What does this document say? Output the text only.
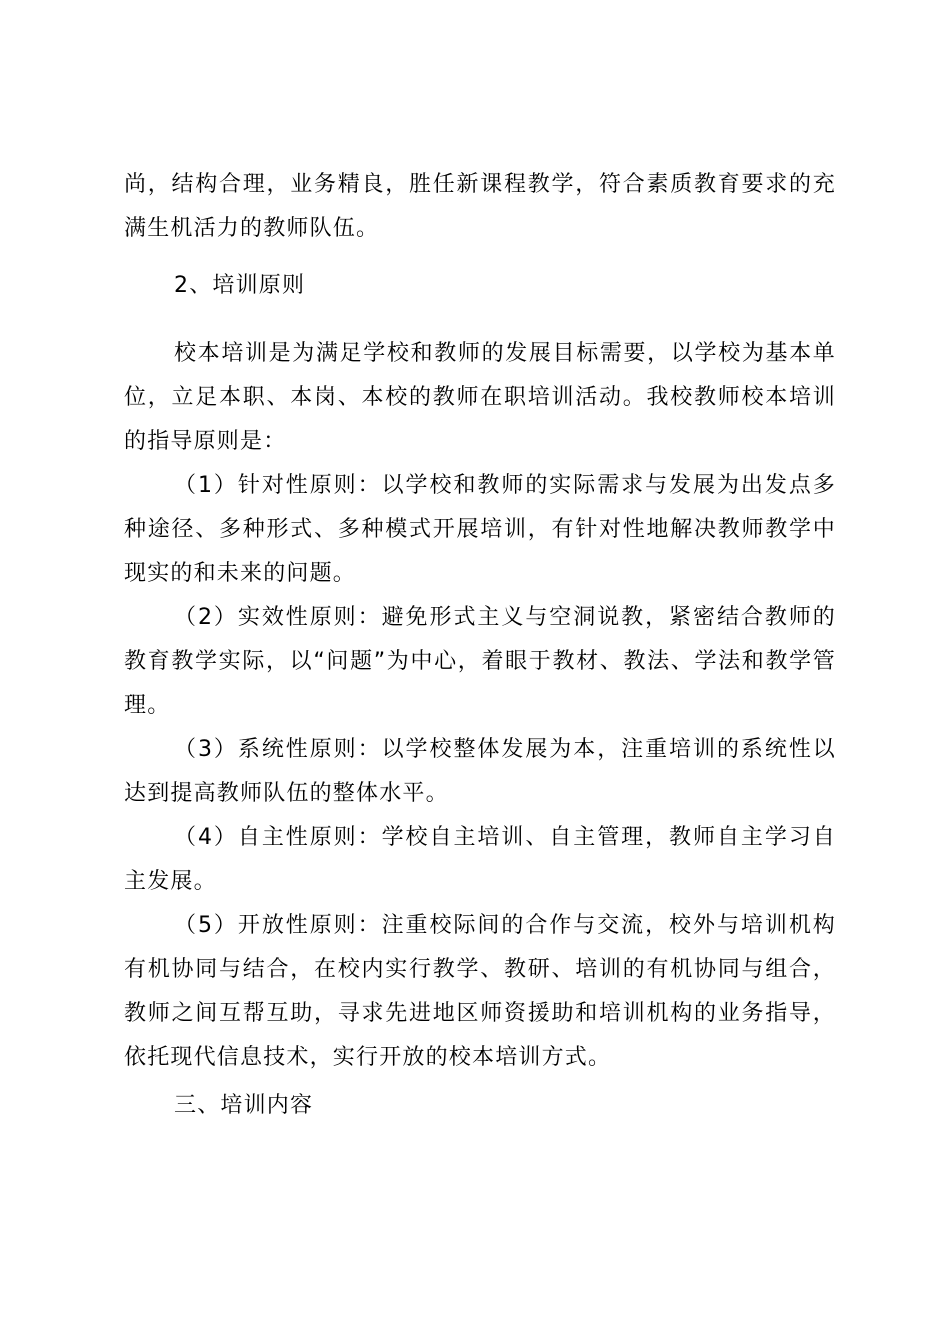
尚，结构合理，业务精良，胜任新课程教学，符合素质教育要求的充满生机活力的教师队伍。

2、培训原则

校本培训是为满足学校和教师的发展目标需要，以学校为基本单位，立足本职、本岗、本校的教师在职培训活动。我校教师校本培训的指导原则是：

（1）针对性原则：以学校和教师的实际需求与发展为出发点多种途径、多种形式、多种模式开展培训，有针对性地解决教师教学中现实的和未来的问题。

（2）实效性原则：避免形式主义与空洞说教，紧密结合教师的教育教学实际，以“问题”为中心，着眼于教材、教法、学法和教学管理。

（3）系统性原则：以学校整体发展为本，注重培训的系统性以达到提高教师队伍的整体水平。

（4）自主性原则：学校自主培训、自主管理，教师自主学习自主发展。

（5）开放性原则：注重校际间的合作与交流，校外与培训机构有机协同与结合，在校内实行教学、教研、培训的有机协同与组合，教师之间互帮互助，寻求先进地区师资援助和培训机构的业务指导，依托现代信息技术，实行开放的校本培训方式。

三、培训内容
